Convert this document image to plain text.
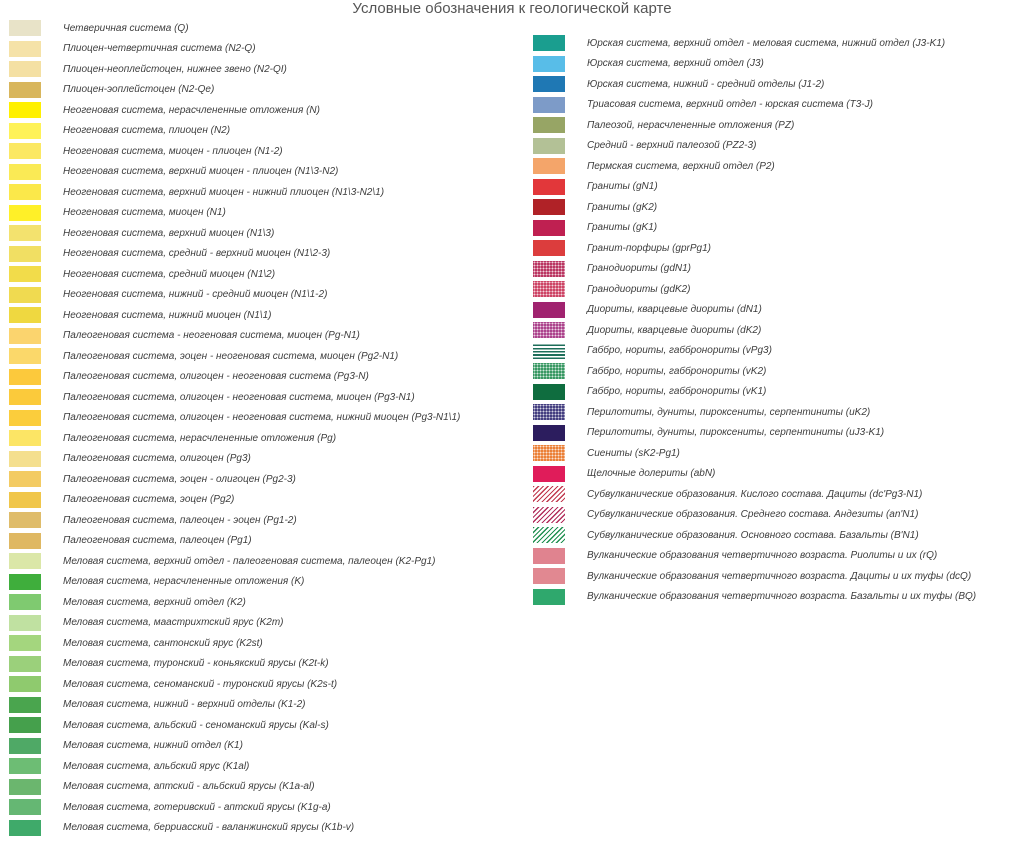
Условные обозначения к геологической карте
Четверичная система (Q)
Плиоцен-четвертичная система (N2-Q)
Плиоцен-неоплейстоцен, нижнее звено (N2-QI)
Плиоцен-эоплейстоцен (N2-Qe)
Неогеновая система, нерасчлененные отложения (N)
Неогеновая система, плиоцен (N2)
Неогеновая система, миоцен - плиоцен (N1-2)
Неогеновая система, верхний миоцен - плиоцен (N1\3-N2)
Неогеновая система, верхний миоцен - нижний плиоцен (N1\3-N2\1)
Неогеновая система, миоцен (N1)
Неогеновая система, верхний миоцен (N1\3)
Неогеновая система, средний - верхний миоцен (N1\2-3)
Неогеновая система, средний миоцен (N1\2)
Неогеновая система, нижний - средний миоцен (N1\1-2)
Неогеновая система, нижний миоцен (N1\1)
Палеогеновая система - неогеновая система, миоцен (Pg-N1)
Палеогеновая система, эоцен - неогеновая система, миоцен (Pg2-N1)
Палеогеновая система, олигоцен - неогеновая система (Pg3-N)
Палеогеновая система, олигоцен - неогеновая система, миоцен (Pg3-N1)
Палеогеновая система, олигоцен - неогеновая система, нижний миоцен (Pg3-N1\1)
Палеогеновая система, нерасчлененные отложения (Pg)
Палеогеновая система, олигоцен (Pg3)
Палеогеновая система, эоцен - олигоцен (Pg2-3)
Палеогеновая система, эоцен (Pg2)
Палеогеновая система, палеоцен - эоцен (Pg1-2)
Палеогеновая система, палеоцен (Pg1)
Меловая система, верхний отдел - палеогеновая система, палеоцен (K2-Pg1)
Меловая система, нерасчлененные отложения (K)
Меловая система, верхний отдел (K2)
Меловая система, маастрихтский ярус (K2m)
Меловая система, сантонский ярус (K2st)
Меловая система, туронский - коньякский ярусы (K2t-k)
Меловая система, сеноманский - туронский ярусы (K2s-t)
Меловая система, нижний - верхний отделы (K1-2)
Меловая система, альбский - сеноманский ярусы (Kal-s)
Меловая система, нижний отдел (K1)
Меловая система, альбский ярус (K1al)
Меловая система, аптский - альбский ярусы (K1a-al)
Меловая система, готеривский - аптский ярусы (K1g-a)
Меловая система, берриасский - валанжинский ярусы (K1b-v)
Юрская система, верхний отдел - меловая система, нижний отдел (J3-K1)
Юрская система, верхний отдел (J3)
Юрская система, нижний - средний отделы (J1-2)
Триасовая система, верхний отдел - юрская система (T3-J)
Палеозой, нерасчлененные отложения (PZ)
Средний - верхний палеозой (PZ2-3)
Пермская система, верхний отдел (P2)
Граниты (gN1)
Граниты (gK2)
Граниты (gK1)
Гранит-порфиры (gprPg1)
Гранодиориты (gdN1)
Гранодиориты (gdK2)
Диориты, кварцевые диориты (dN1)
Диориты, кварцевые диориты (dK2)
Габбро, нориты, габбронориты (vPg3)
Габбро, нориты, габбронориты (vK2)
Габбро, нориты, габбронориты (vK1)
Перилотиты, дуниты, пироксениты, серпентиниты (uK2)
Перилотиты, дуниты, пироксениты, серпентиниты (uJ3-K1)
Сиениты (sK2-Pg1)
Щелочные долериты (abN)
Субвулканические образования. Кислого состава. Дациты (dc'Pg3-N1)
Субвулканические образования. Среднего состава. Андезиты (an'N1)
Субвулканические образования. Основного состава. Базальты (B'N1)
Вулканические образования четвертичного возраста. Риолиты и их (rQ)
Вулканические образования четвертичного возраста. Дациты и их туфы (dcQ)
Вулканические образования четвертичного возраста. Базальты и их туфы (BQ)
